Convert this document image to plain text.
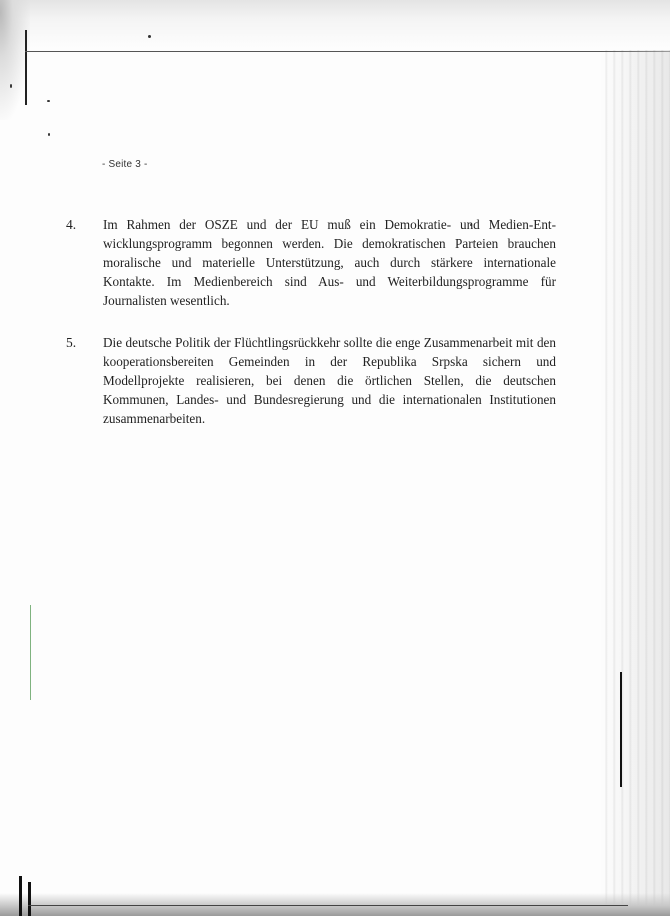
- Seite 3 -
4. Im Rahmen der OSZE und der EU muß ein Demokratie- und Medien-Entwicklungsprogramm begonnen werden. Die demokratischen Parteien brauchen moralische und materielle Unterstützung, auch durch stärkere internationale Kontakte. Im Medienbereich sind Aus- und Weiterbildungsprogramme für Journalisten wesentlich.

5. Die deutsche Politik der Flüchtlingsrückkehr sollte die enge Zusammenarbeit mit den kooperationsbereiten Gemeinden in der Republika Srpska sichern und Modellprojekte realisieren, bei denen die örtlichen Stellen, die deutschen Kommunen, Landes- und Bundesregierung und die internationalen Institutionen zusammenarbeiten.
